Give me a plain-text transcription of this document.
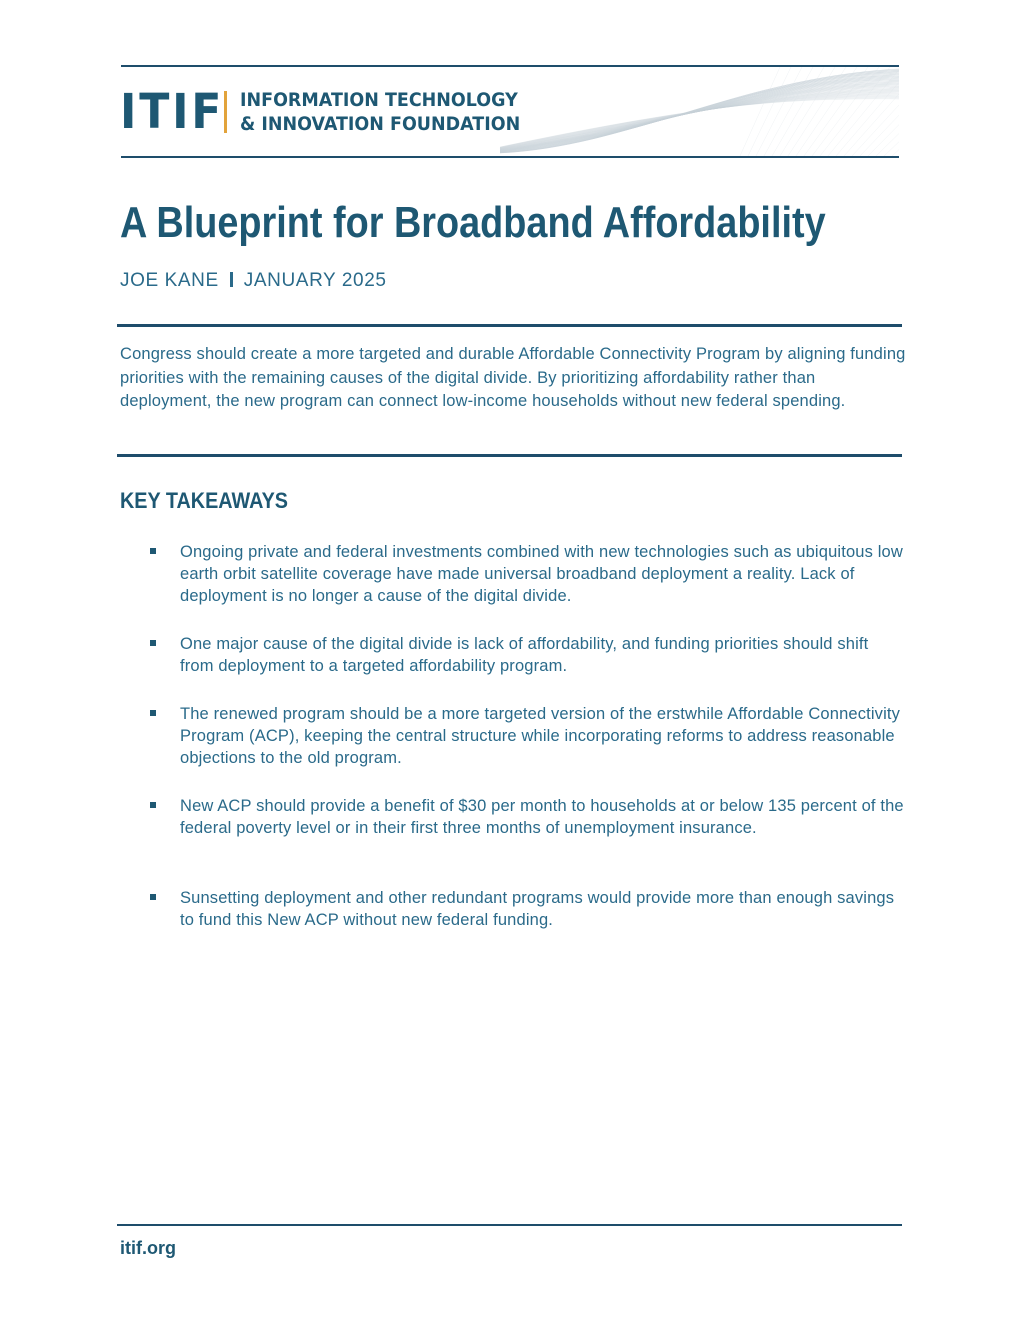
ITIF INFORMATION TECHNOLOGY
& INNOVATION FOUNDATION
A Blueprint for Broadband Affordability
JOE KANE JANUARY 2025

Congress should create a more targeted and durable Affordable Connectivity Program by aligning funding priorities with the remaining causes of the digital divide. By prioritizing affordability rather than deployment, the new program can connect low-income households without new federal spending.

KEY TAKEAWAYS
Ongoing private and federal investments combined with new technologies such as ubiquitous low earth orbit satellite coverage have made universal broadband deployment a reality. Lack of deployment is no longer a cause of the digital divide.
One major cause of the digital divide is lack of affordability, and funding priorities should shift from deployment to a targeted affordability program.
The renewed program should be a more targeted version of the erstwhile Affordable Connectivity Program (ACP), keeping the central structure while incorporating reforms to address reasonable objections to the old program.
New ACP should provide a benefit of $30 per month to households at or below 135 percent of the federal poverty level or in their first three months of unemployment insurance.
Sunsetting deployment and other redundant programs would provide more than enough savings to fund this New ACP without new federal funding.
itif.org
